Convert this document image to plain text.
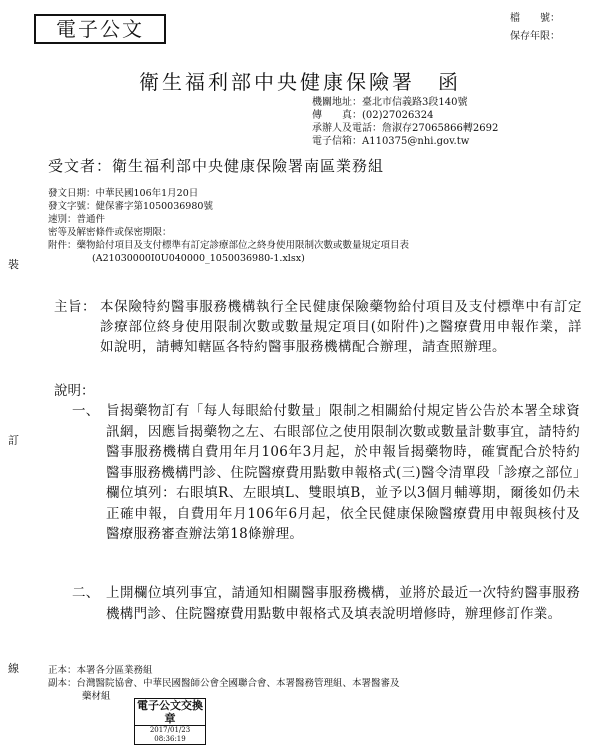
電子公文	檔　　號：
保存年限：
衛生福利部中央健康保險署　函
機關地址：臺北市信義路3段140號
傳　　真：(02)27026324
承辦人及電話：詹淑存27065866轉2692
電子信箱：A110375@nhi.gov.tw
受文者：衛生福利部中央健康保險署南區業務組
發文日期：中華民國106年1月20日
發文字號：健保審字第1050036980號
速別：普通件
密等及解密條件或保密期限：
附件：藥物給付項目及支付標準有訂定診療部位之終身使用限制次數或數量規定項目表
(A21030000I0U040000_1050036980-1.xlsx)
裝
訂
線
主旨： 本保險特約醫事服務機構執行全民健康保險藥物給付項目及支付標準中有訂定診療部位終身使用限制次數或數量規定項目(如附件)之醫療費用申報作業，詳如說明，請轉知轄區各特約醫事服務機構配合辦理，請查照辦理。
說明：
一、 旨揭藥物訂有「每人每眼給付數量」限制之相關給付規定皆公告於本署全球資訊網，因應旨揭藥物之左、右眼部位之使用限制次數或數量計數事宜，請特約醫事服務機構自費用年月106年3月起，於申報旨揭藥物時，確實配合於特約醫事服務機構門診、住院醫療費用點數申報格式(三)醫令清單段「診療之部位」欄位填列：右眼填R、左眼填L、雙眼填B，並予以3個月輔導期，爾後如仍未正確申報，自費用年月106年6月起，依全民健康保險醫療費用申報與核付及醫療服務審查辦法第18條辦理。
二、 上開欄位填列事宜，請通知相關醫事服務機構，並將於最近一次特約醫事服務機構門診、住院醫療費用點數申報格式及填表說明增修時，辦理修訂作業。
正本：本署各分區業務組
副本：台灣醫院協會、中華民國醫師公會全國聯合會、本署醫務管理組、本署醫審及
藥材組
電子公文交換章
2017/01/23 08:36:19
